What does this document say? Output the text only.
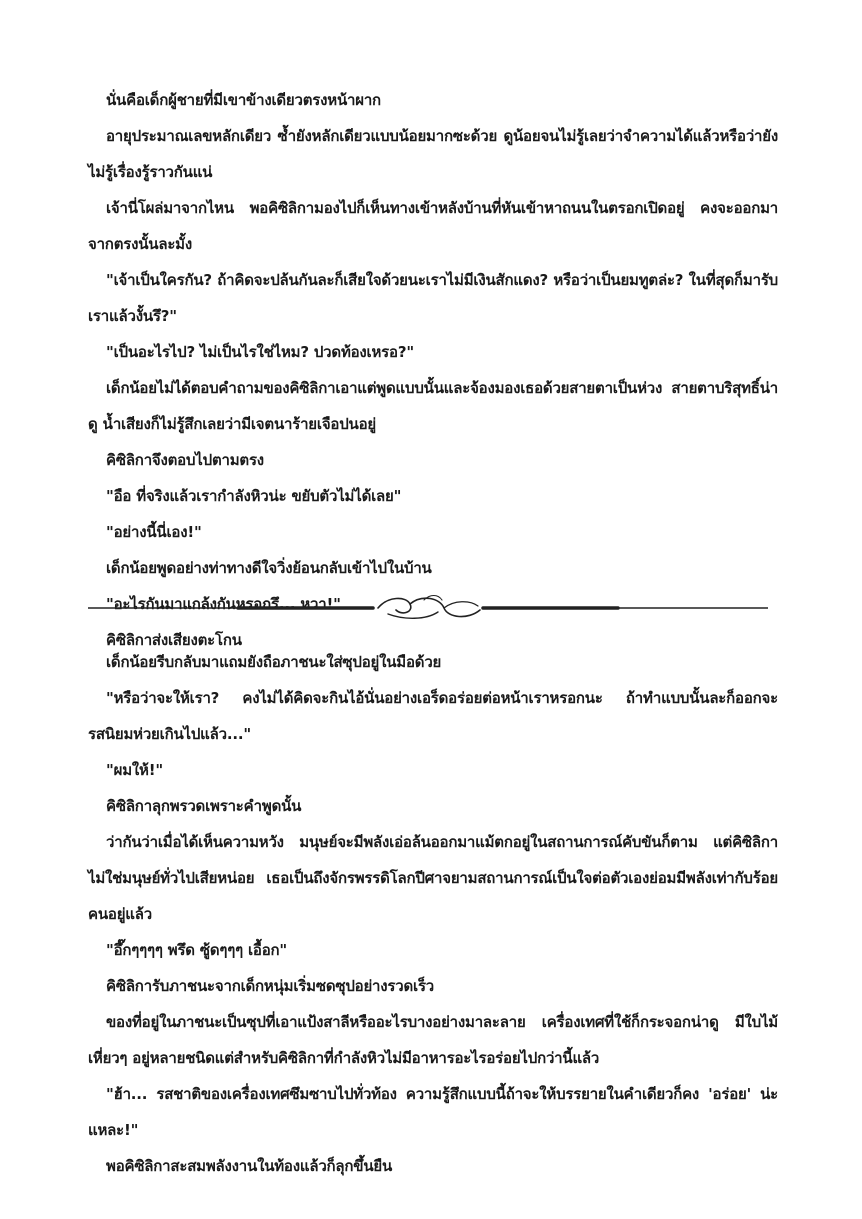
นั่นคือเด็กผู้ชายที่มีเขาข้างเดียวตรงหน้าผาก

อายุประมาณเลขหลักเดียว ซ้ำยังหลักเดียวแบบน้อยมากซะด้วย ดูน้อยจนไม่รู้เลยว่าจำความได้แล้วหรือว่ายังไม่รู้เรื่องรู้ราวกันแน่

เจ้านี่โผล่มาจากไหน พอคิซิลิกามองไปก็เห็นทางเข้าหลังบ้านที่หันเข้าหาถนนในตรอกเปิดอยู่ คงจะออกมาจากตรงนั้นละมั้ง

"เจ้าเป็นใครกัน? ถ้าคิดจะปล้นกันละก็เสียใจด้วยนะเราไม่มีเงินสักแดง? หรือว่าเป็นยมทูตล่ะ? ในที่สุดก็มารับเราแล้วงั้นรึ?"

"เป็นอะไรไป? ไม่เป็นไรใช่ไหม? ปวดท้องเหรอ?"

เด็กน้อยไม่ได้ตอบคำถามของคิซิลิกาเอาแต่พูดแบบนั้นและจ้องมองเธอด้วยสายตาเป็นห่วง สายตาบริสุทธิ์น่าดู น้ำเสียงก็ไม่รู้สึกเลยว่ามีเจตนาร้ายเจือปนอยู่

คิซิลิกาจึงตอบไปตามตรง

"อือ ที่จริงแล้วเรากำลังหิวน่ะ ขยับตัวไม่ได้เลย"

"อย่างนี้นี่เอง!"

เด็กน้อยพูดอย่างท่าทางดีใจวิ่งย้อนกลับเข้าไปในบ้าน

"อะไรกันมาแกล้งกันหรอกรึ... หวา!"

คิซิลิกาส่งเสียงตะโกน

เด็กน้อยรีบกลับมาแถมยังถือภาชนะใส่ซุปอยู่ในมือด้วย

"หรือว่าจะให้เรา? คงไม่ได้คิดจะกินไอ้นั่นอย่างเอร็ดอร่อยต่อหน้าเราหรอกนะ ถ้าทำแบบนั้นละก็ออกจะรสนิยมห่วยเกินไปแล้ว..."

"ผมให้!"

คิซิลิกาลุกพรวดเพราะคำพูดนั้น

ว่ากันว่าเมื่อได้เห็นความหวัง มนุษย์จะมีพลังเอ่อล้นออกมาแม้ตกอยู่ในสถานการณ์คับขันก็ตาม แต่คิซิลิกาไม่ใช่มนุษย์ทั่วไปเสียหน่อย เธอเป็นถึงจักรพรรดิโลกปีศาจยามสถานการณ์เป็นใจต่อตัวเองย่อมมีพลังเท่ากับร้อยคนอยู่แล้ว

"อึ๊กๆๆๆๆ พรึด ซู้ดๆๆๆ เอื้อก"

คิซิลิการับภาชนะจากเด็กหนุ่มเริ่มซดซุปอย่างรวดเร็ว

ของที่อยู่ในภาชนะเป็นซุปที่เอาแป้งสาลีหรืออะไรบางอย่างมาละลาย เครื่องเทศที่ใช้ก็กระจอกน่าดู มีใบไม้เหี่ยวๆ อยู่หลายชนิดแต่สำหรับคิซิลิกาที่กำลังหิวไม่มีอาหารอะไรอร่อยไปกว่านี้แล้ว

"ฮ้า... รสชาติของเครื่องเทศซึมซาบไปทั่วท้อง ความรู้สึกแบบนี้ถ้าจะให้บรรยายในคำเดียวก็คง 'อร่อย' น่ะแหละ!"

พอคิซิลิกาสะสมพลังงานในท้องแล้วก็ลุกขึ้นยืน
